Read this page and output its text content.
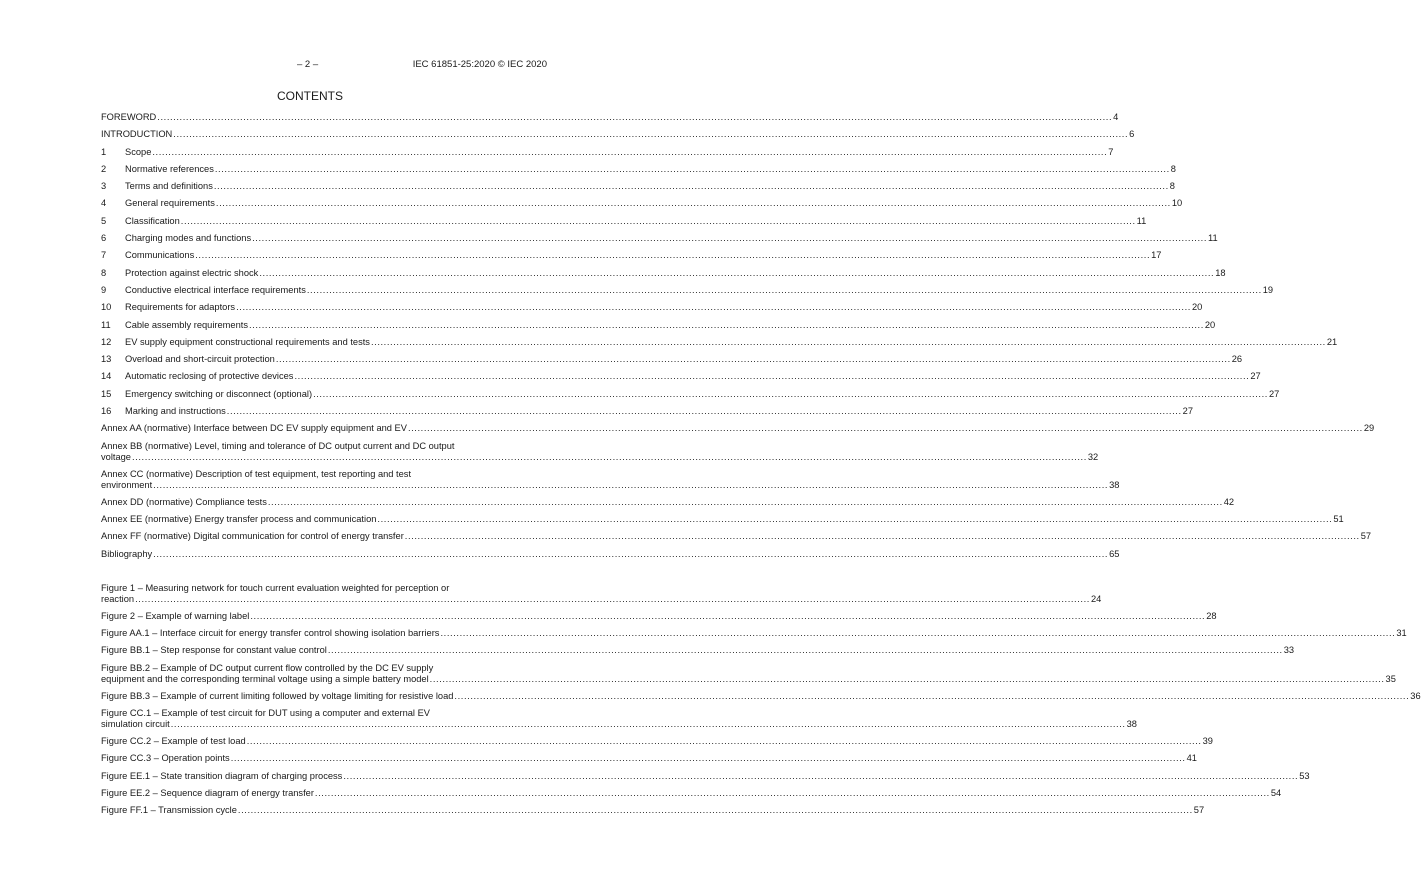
– 2 –	IEC 61851-25:2020 © IEC 2020
CONTENTS
FOREWORD ............................................................................................................................................................................................................................................................................................................ 4
INTRODUCTION ............................................................................................................................................................................................................................................................................................................ 6
1	Scope ............................................................................................................................................................................................................................................................................................................ 7
2	Normative references ............................................................................................................................................................................................................................................................................................................ 8
3	Terms and definitions ............................................................................................................................................................................................................................................................................................................ 8
4	General requirements ............................................................................................................................................................................................................................................................................................................ 10
5	Classification ............................................................................................................................................................................................................................................................................................................ 11
6	Charging modes and functions ............................................................................................................................................................................................................................................................................................................ 11
7	Communications ............................................................................................................................................................................................................................................................................................................ 17
8	Protection against electric shock ............................................................................................................................................................................................................................................................................................................ 18
9	Conductive electrical interface requirements ............................................................................................................................................................................................................................................................................................................ 19
10	Requirements for adaptors ............................................................................................................................................................................................................................................................................................................ 20
11	Cable assembly requirements ............................................................................................................................................................................................................................................................................................................ 20
12	EV supply equipment constructional requirements and tests ............................................................................................................................................................................................................................................................................................................ 21
13	Overload and short-circuit protection ............................................................................................................................................................................................................................................................................................................ 26
14	Automatic reclosing of protective devices ............................................................................................................................................................................................................................................................................................................ 27
15	Emergency switching or disconnect (optional) ............................................................................................................................................................................................................................................................................................................ 27
16	Marking and instructions ............................................................................................................................................................................................................................................................................................................ 27
Annex AA (normative) Interface between DC EV supply equipment and EV ............................................................................................................................................................................................................................................................................................................ 29
Annex BB (normative) Level, timing and tolerance of DC output current and DC output
voltage ............................................................................................................................................................................................................................................................................................................ 32
Annex CC (normative) Description of test equipment, test reporting and test
environment ............................................................................................................................................................................................................................................................................................................ 38
Annex DD (normative) Compliance tests ............................................................................................................................................................................................................................................................................................................ 42
Annex EE (normative) Energy transfer process and communication ............................................................................................................................................................................................................................................................................................................ 51
Annex FF (normative) Digital communication for control of energy transfer ............................................................................................................................................................................................................................................................................................................ 57
Bibliography ............................................................................................................................................................................................................................................................................................................ 65
Figure 1 – Measuring network for touch current evaluation weighted for perception or
reaction ............................................................................................................................................................................................................................................................................................................ 24
Figure 2 – Example of warning label ............................................................................................................................................................................................................................................................................................................ 28
Figure AA.1 – Interface circuit for energy transfer control showing isolation barriers ............................................................................................................................................................................................................................................................................................................ 31
Figure BB.1 – Step response for constant value control ............................................................................................................................................................................................................................................................................................................ 33
Figure BB.2 – Example of DC output current flow controlled by the DC EV supply
equipment and the corresponding terminal voltage using a simple battery model ............................................................................................................................................................................................................................................................................................................ 35
Figure BB.3 – Example of current limiting followed by voltage limiting for resistive load ............................................................................................................................................................................................................................................................................................................ 36
Figure CC.1 – Example of test circuit for DUT using a computer and external EV
simulation circuit ............................................................................................................................................................................................................................................................................................................ 38
Figure CC.2 – Example of test load ............................................................................................................................................................................................................................................................................................................ 39
Figure CC.3 – Operation points ............................................................................................................................................................................................................................................................................................................ 41
Figure EE.1 – State transition diagram of charging process ............................................................................................................................................................................................................................................................................................................ 53
Figure EE.2 – Sequence diagram of energy transfer ............................................................................................................................................................................................................................................................................................................ 54
Figure FF.1 – Transmission cycle ............................................................................................................................................................................................................................................................................................................ 57
